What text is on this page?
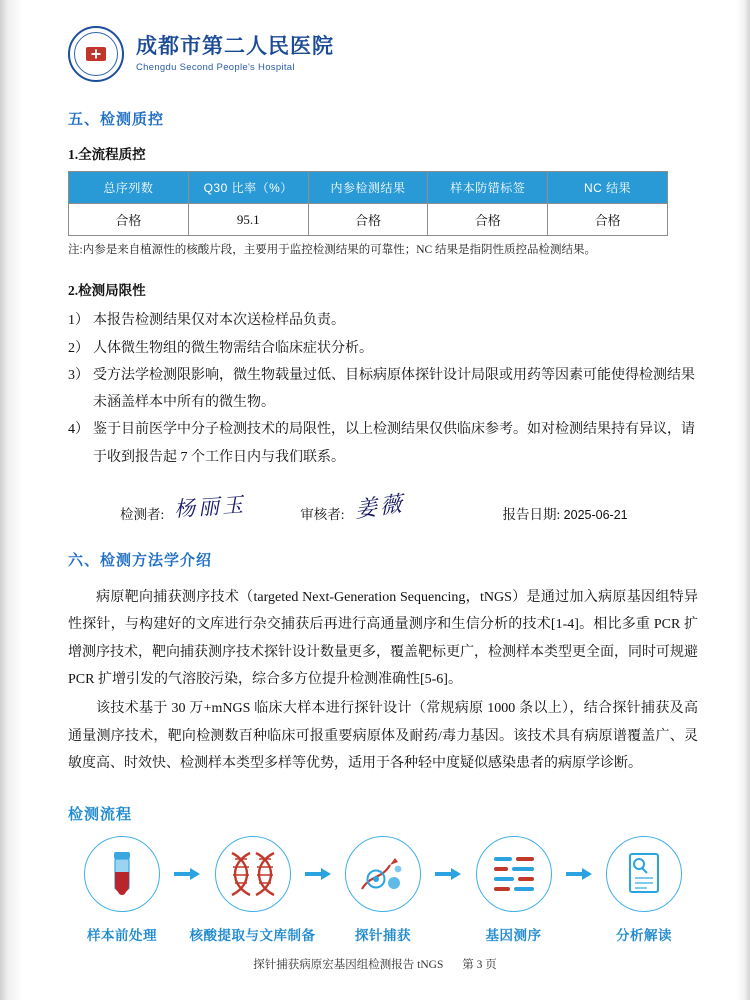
成都市第二人民医院
Chengdu Second People's Hospital
五、检测质控
1.全流程质控
总序列数	Q30 比率（%）	内参检测结果	样本防错标签	NC 结果
合格	95.1	合格	合格	合格
注:内参是来自植源性的核酸片段，主要用于监控检测结果的可靠性；NC 结果是指阴性质控品检测结果。
2.检测局限性
1） 本报告检测结果仅对本次送检样品负责。
2） 人体微生物组的微生物需结合临床症状分析。
3） 受方法学检测限影响，微生物载量过低、目标病原体探针设计局限或用药等因素可能使得检测结果未涵盖样本中所有的微生物。
4） 鉴于目前医学中分子检测技术的局限性，以上检测结果仅供临床参考。如对检测结果持有异议，请于收到报告起 7 个工作日内与我们联系。
检测者: 杨丽玉	审核者: 姜薇	报告日期: 2025-06-21
六、检测方法学介绍

病原靶向捕获测序技术（targeted Next-Generation Sequencing，tNGS）是通过加入病原基因组特异性探针，与构建好的文库进行杂交捕获后再进行高通量测序和生信分析的技术[1-4]。相比多重 PCR 扩增测序技术，靶向捕获测序技术探针设计数量更多，覆盖靶标更广，检测样本类型更全面，同时可规避 PCR 扩增引发的气溶胶污染，综合多方位提升检测准确性[5-6]。

该技术基于 30 万+mNGS 临床大样本进行探针设计（常规病原 1000 条以上），结合探针捕获及高通量测序技术，靶向检测数百种临床可报重要病原体及耐药/毒力基因。该技术具有病原谱覆盖广、灵敏度高、时效快、检测样本类型多样等优势，适用于各种轻中度疑似感染患者的病原学诊断。

检测流程
样本前处理 核酸提取与文库制备	探针捕获	基因测序	分析解读
探针捕获病原宏基因组检测报告 tNGS 第 3 页
